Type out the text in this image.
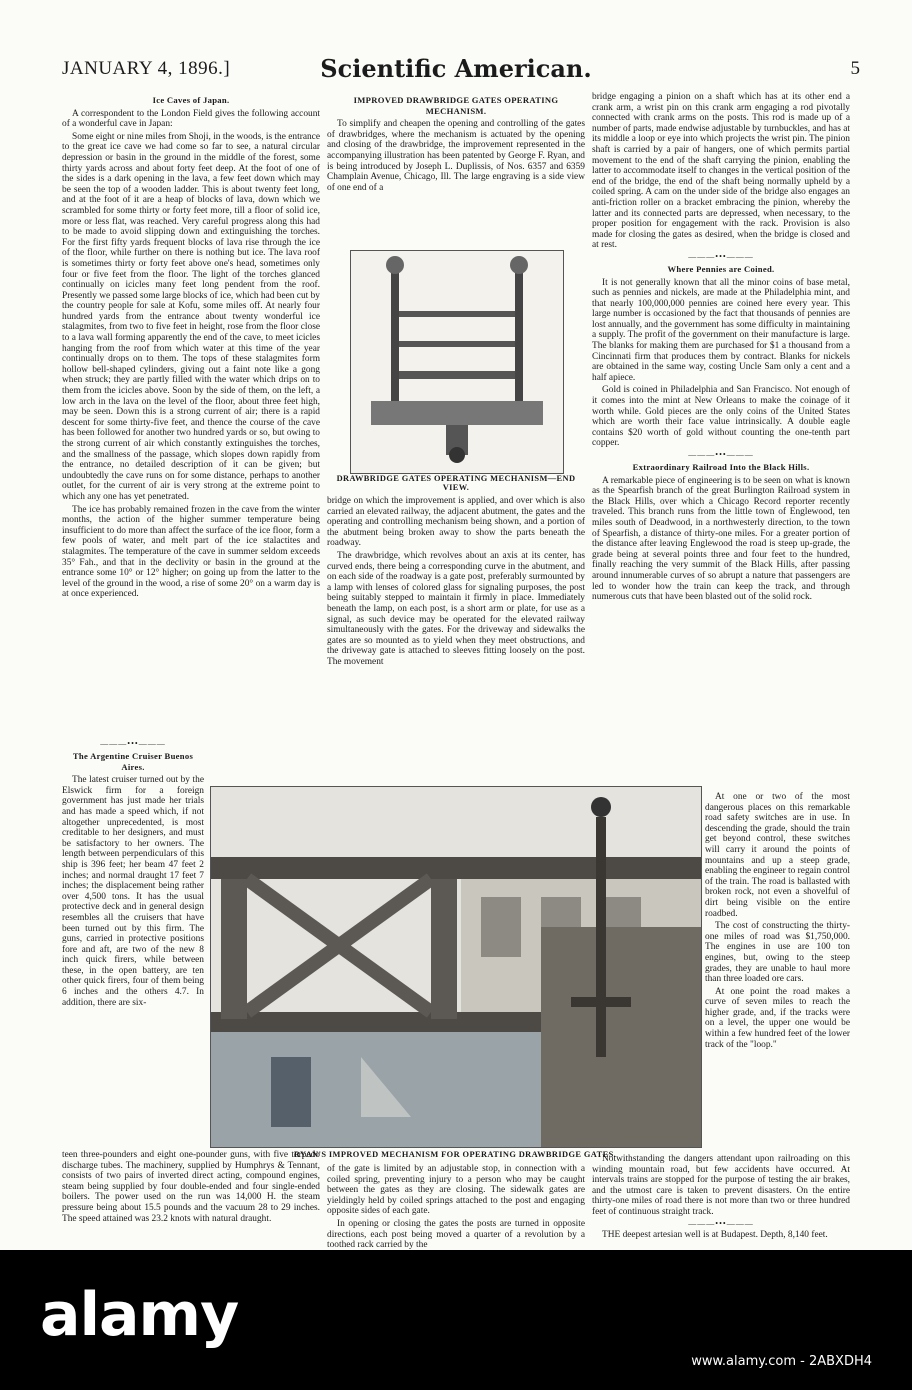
JANUARY 4, 1896.]	Scientific American.	5
Ice Caves of Japan.

A correspondent to the London Field gives the following account of a wonderful cave in Japan:

Some eight or nine miles from Shoji, in the woods, is the entrance to the great ice cave we had come so far to see, a natural circular depression or basin in the ground in the middle of the forest, some thirty yards across and about forty feet deep. At the foot of one of the sides is a dark opening in the lava, a few feet down which may be seen the top of a wooden ladder. This is about twenty feet long, and at the foot of it are a heap of blocks of lava, down which we scrambled for some thirty or forty feet more, till a floor of solid ice, more or less flat, was reached. Very careful progress along this had to be made to avoid slipping down and extinguishing the torches. For the first fifty yards frequent blocks of lava rise through the ice of the floor, while further on there is nothing but ice. The lava roof is sometimes thirty or forty feet above one's head, sometimes only four or five feet from the floor. The light of the torches glanced continually on icicles many feet long pendent from the roof. Presently we passed some large blocks of ice, which had been cut by the country people for sale at Kofu, some miles off. At nearly four hundred yards from the entrance about twenty wonderful ice stalagmites, from two to five feet in height, rose from the floor close to a lava wall forming apparently the end of the cave, to meet icicles hanging from the roof from which water at this time of the year continually drops on to them. The tops of these stalagmites form hollow bell-shaped cylinders, giving out a faint note like a gong when struck; they are partly filled with the water which drips on to them from the icicles above. Soon by the side of them, on the left, a low arch in the lava on the level of the floor, about three feet high, may be seen. Down this is a strong current of air; there is a rapid descent for some thirty-five feet, and thence the course of the cave has been followed for another two hundred yards or so, but owing to the strong current of air which constantly extinguishes the torches, and the smallness of the passage, which slopes down rapidly from the entrance, no detailed description of it can be given; but undoubtedly the cave runs on for some distance, perhaps to another outlet, for the current of air is very strong at the extreme point to which any one has yet penetrated.

The ice has probably remained frozen in the cave from the winter months, the action of the higher summer temperature being insufficient to do more than affect the surface of the ice floor, form a few pools of water, and melt part of the ice stalactites and stalagmites. The temperature of the cave in summer seldom exceeds 35° Fah., and that in the declivity or basin in the ground at the entrance some 10° or 12° higher; on going up from the latter to the level of the ground in the wood, a rise of some 20° on a warm day is at once experienced.

———•••———
The Argentine Cruiser Buenos Aires.

The latest cruiser turned out by the Elswick firm for a foreign government has just made her trials and has made a speed which, if not altogether unprecedented, is most creditable to her designers, and must be satisfactory to her owners. The length between perpendiculars of this ship is 396 feet; her beam 47 feet 2 inches; and normal draught 17 feet 7 inches; the displacement being rather over 4,500 tons. It has the usual protective deck and in general design resembles all the cruisers that have been turned out by this firm. The guns, carried in protective positions fore and aft, are two of the new 8 inch quick firers, while between these, in the open battery, are ten other quick firers, four of them being 6 inches and the others 4.7. In addition, there are six-

teen three-pounders and eight one-pounder guns, with five torpedo discharge tubes. The machinery, supplied by Humphrys & Tennant, consists of two pairs of inverted direct acting, compound engines, steam being supplied by four double-ended and four single-ended boilers. The power used on the run was 14,000 H. the steam pressure being about 15.5 pounds and the vacuum 28 to 29 inches. The speed attained was 23.2 knots with natural draught.

IMPROVED DRAWBRIDGE GATES OPERATING MECHANISM.

To simplify and cheapen the opening and controlling of the gates of drawbridges, where the mechanism is actuated by the opening and closing of the drawbridge, the improvement represented in the accompanying illustration has been patented by George F. Ryan, and is being introduced by Joseph L. Duplissis, of Nos. 6357 and 6359 Champlain Avenue, Chicago, Ill. The large engraving is a side view of one end of a

DRAWBRIDGE GATES OPERATING MECHANISM—END VIEW.

bridge on which the improvement is applied, and over which is also carried an elevated railway, the adjacent abutment, the gates and the operating and controlling mechanism being shown, and a portion of the abutment being broken away to show the parts beneath the roadway.

The drawbridge, which revolves about an axis at its center, has curved ends, there being a corresponding curve in the abutment, and on each side of the roadway is a gate post, preferably surmounted by a lamp with lenses of colored glass for signaling purposes, the post being suitably stepped to maintain it firmly in place. Immediately beneath the lamp, on each post, is a short arm or plate, for use as a signal, as such device may be operated for the elevated railway simultaneously with the gates. For the driveway and sidewalks the gates are so mounted as to yield when they meet obstructions, and the driveway gate is attached to sleeves fitting loosely on the post. The movement

RYAN'S IMPROVED MECHANISM FOR OPERATING DRAWBRIDGE GATES.

of the gate is limited by an adjustable stop, in connection with a coiled spring, preventing injury to a person who may be caught between the gates as they are closing. The sidewalk gates are yieldingly held by coiled springs attached to the post and engaging opposite sides of each gate.

In opening or closing the gates the posts are turned in opposite directions, each post being moved a quarter of a revolution by a toothed rack carried by the

bridge engaging a pinion on a shaft which has at its other end a crank arm, a wrist pin on this crank arm engaging a rod pivotally connected with crank arms on the posts. This rod is made up of a number of parts, made endwise adjustable by turnbuckles, and has at its middle a loop or eye into which projects the wrist pin. The pinion shaft is carried by a pair of hangers, one of which permits partial movement to the end of the shaft carrying the pinion, enabling the latter to accommodate itself to changes in the vertical position of the end of the bridge, the end of the shaft being normally upheld by a coiled spring. A cam on the under side of the bridge also engages an anti-friction roller on a bracket embracing the pinion, whereby the latter and its connected parts are depressed, when necessary, to the proper position for engagement with the rack. Provision is also made for closing the gates as desired, when the bridge is closed and at rest.

———•••———
Where Pennies are Coined.

It is not generally known that all the minor coins of base metal, such as pennies and nickels, are made at the Philadelphia mint, and that nearly 100,000,000 pennies are coined here every year. This large number is occasioned by the fact that thousands of pennies are lost annually, and the government has some difficulty in maintaining a supply. The profit of the government on their manufacture is large. The blanks for making them are purchased for $1 a thousand from a Cincinnati firm that produces them by contract. Blanks for nickels are obtained in the same way, costing Uncle Sam only a cent and a half apiece.

Gold is coined in Philadelphia and San Francisco. Not enough of it comes into the mint at New Orleans to make the coinage of it worth while. Gold pieces are the only coins of the United States which are worth their face value intrinsically. A double eagle contains $20 worth of gold without counting the one-tenth part copper.

———•••———
Extraordinary Railroad Into the Black Hills.

A remarkable piece of engineering is to be seen on what is known as the Spearfish branch of the great Burlington Railroad system in the Black Hills, over which a Chicago Record reporter recently traveled. This branch runs from the little town of Englewood, ten miles south of Deadwood, in a northwesterly direction, to the town of Spearfish, a distance of thirty-one miles. For a greater portion of the distance after leaving Englewood the road is steep up-grade, the grade being at several points three and four feet to the hundred, finally reaching the very summit of the Black Hills, after passing around innumerable curves of so abrupt a nature that passengers are led to wonder how the train can keep the track, and through numerous cuts that have been blasted out of the solid rock.

At one or two of the most dangerous places on this remarkable road safety switches are in use. In descending the grade, should the train get beyond control, these switches will carry it around the points of mountains and up a steep grade, enabling the engineer to regain control of the train. The road is ballasted with broken rock, not even a shovelful of dirt being visible on the entire roadbed.

The cost of constructing the thirty-one miles of road was $1,750,000. The engines in use are 100 ton engines, but, owing to the steep grades, they are unable to haul more than three loaded ore cars.

At one point the road makes a curve of seven miles to reach the higher grade, and, if the tracks were on a level, the upper one would be within a few hundred feet of the lower track of the "loop."

Notwithstanding the dangers attendant upon railroading on this winding mountain road, but few accidents have occurred. At intervals trains are stopped for the purpose of testing the air brakes, and the utmost care is taken to prevent disasters. On the entire thirty-one miles of road there is not more than two or three hundred feet of continuous straight track.

———•••———

THE deepest artesian well is at Budapest. Depth, 8,140 feet.

alamy
www.alamy.com - 2ABXDH4
